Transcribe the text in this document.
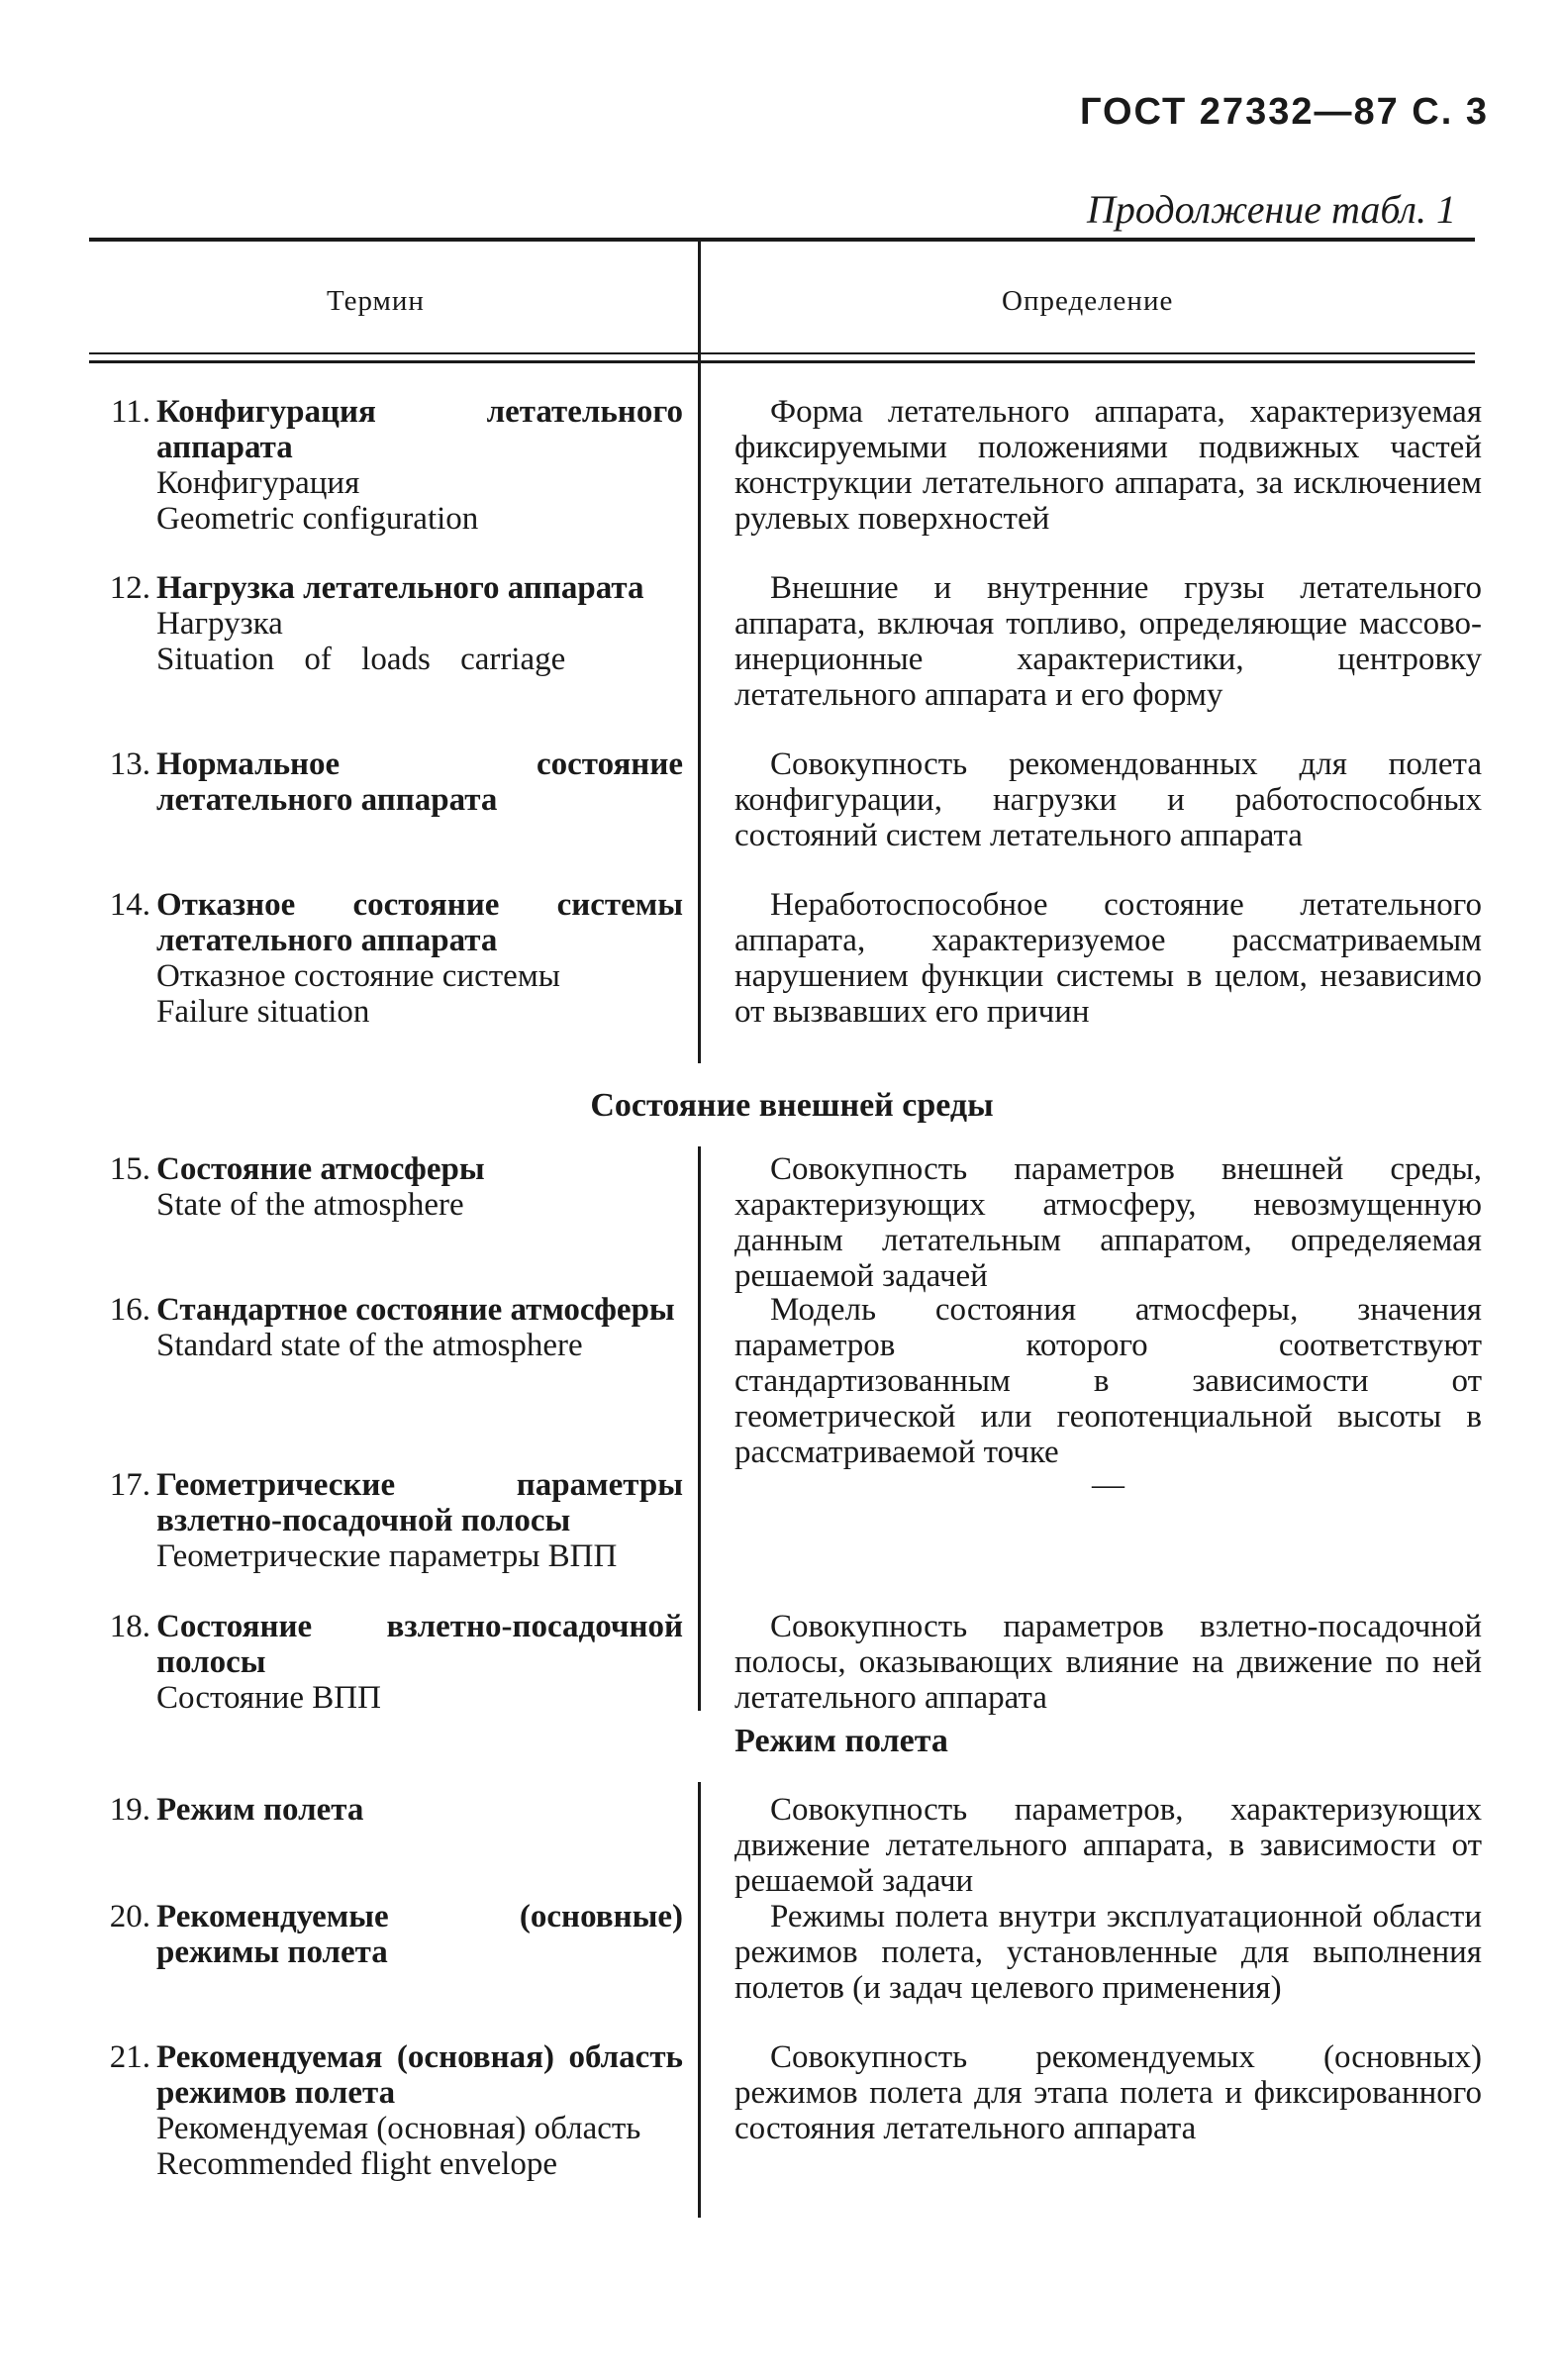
ГОСТ 27332—87 С. 3
Продолжение табл. 1
Термин	Определение
Состояние внешней среды
Режим полета
11. Конфигурация летательного аппарата
Конфигурация
Geometric configuration
12. Нагрузка летательного аппарата
Нагрузка
Situation of loads carriage
13. Нормальное состояние летательного аппарата
14. Отказное состояние системы летательного аппарата
Отказное состояние системы
Failure situation
15. Состояние атмосферы
State of the atmosphere
16. Стандартное состояние атмосферы
Standard state of the atmosphere
17. Геометрические параметры взлетно-посадочной полосы
Геометрические параметры ВПП
18. Состояние взлетно-посадочной полосы
Состояние ВПП
19. Режим полета
20. Рекомендуемые (основные) режимы полета
21. Рекомендуемая (основная) область режимов полета
Рекомендуемая (основная) область
Recommended flight envelope
Форма летательного аппарата, характеризуемая фиксируемыми положениями подвижных частей конструкции летательного аппарата, за исключением рулевых поверхностей
Внешние и внутренние грузы летательного аппарата, включая топливо, определяющие массово-инерционные характеристики, центровку летательного аппарата и его форму
Совокупность рекомендованных для полета конфигурации, нагрузки и работоспособных состояний систем летательного аппарата
Неработоспособное состояние летательного аппарата, характеризуемое рассматриваемым нарушением функции системы в целом, независимо от вызвавших его причин
Совокупность параметров внешней среды, характеризующих атмосферу, невозмущенную данным летательным аппаратом, определяемая решаемой задачей
Модель состояния атмосферы, значения параметров которого соответствуют стандартизованным в зависимости от геометрической или геопотенциальной высоты в рассматриваемой точке
—
Совокупность параметров взлетно-посадочной полосы, оказывающих влияние на движение по ней летательного аппарата
Совокупность параметров, характеризующих движение летательного аппарата, в зависимости от решаемой задачи
Режимы полета внутри эксплуатационной области режимов полета, установленные для выполнения полетов (и задач целевого применения)
Совокупность рекомендуемых (основных) режимов полета для этапа полета и фиксированного состояния летательного аппарата
